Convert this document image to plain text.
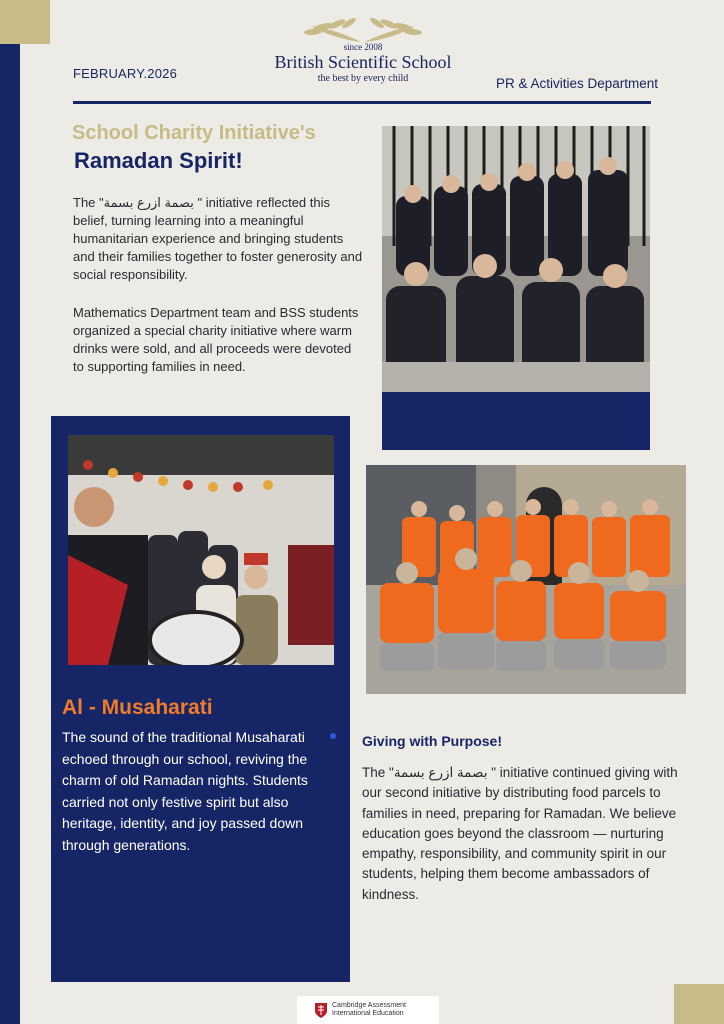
FEBRUARY.2026
since 2008
British Scientific School
the best by every child	PR & Activities Department
School Charity Initiative's
Ramadan Spirit!
The "بصمة ازرع بسمة " initiative reflected this belief, turning learning into a meaningful humanitarian experience and bringing students and their families together to foster generosity and social responsibility.
Mathematics Department team and BSS students organized a special charity initiative where warm drinks were sold, and all proceeds were devoted to supporting families in need.
Al - Musaharati
The sound of the traditional Musaharati echoed through our school, reviving the charm of old Ramadan nights. Students carried not only festive spirit but also heritage, identity, and joy passed down through generations.
Giving with Purpose!
The "بصمة ازرع بسمة " initiative continued giving with our second initiative by distributing food parcels to families in need, preparing for Ramadan. We believe education goes beyond the classroom — nurturing empathy, responsibility, and community spirit in our students, helping them become ambassadors of kindness.
Cambridge Assessment
International Education
